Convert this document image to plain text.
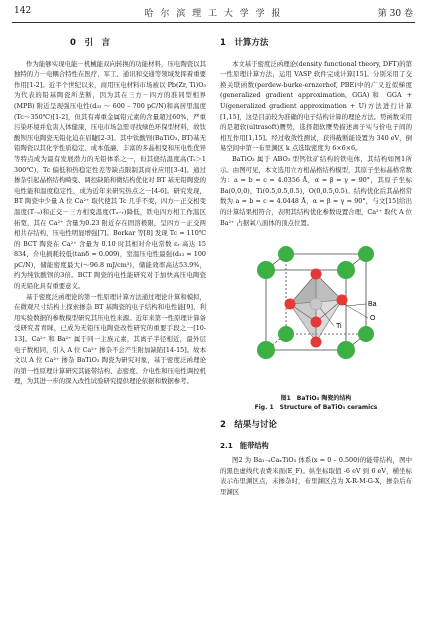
142	哈 尔 滨 理 工 大 学 学 报	第 30 卷
0　引　言

作为能够实现电能－机械能双向转换的功能材料，压电陶瓷以其独特的力－电耦合特性在医疗、军工、通讯和交通等领域发挥着重要作用[1-2]。近半个世纪以来，商用压电材料市场被以 Pb(Zr, Ti)O₃ 为代表的铅基陶瓷所垄断，因为其在三方－四方的准同型相界(MPB) 附近呈现强压电性(d₃₃ ～ 600 – 700 pC/N)和高居里温度(Tc～350℃)[1-2]，但其有毒重金属铅元素的含量超过60%，严重污染环境并危害人体健康，压电市场急需寻找绿色环保型材料，故钛酸钡压电陶瓷无铅化迫在眉睫[2-3]。其中钛酸钡(BaTiO₃, BT)基无铅陶瓷以其化学性质稳定、成本低廉、丰富的多晶相变和压电性优异等特点成为最有发展潜力的无铅体系之一，但其烧结温度高(Tₛ＞1 300℃)、Tc 偏低和热稳定性差等缺点限制其商业应用[3-4]。通过掺杂引起晶格结构畸变、调控缺陷和微结构优化对 BT 基无铅陶瓷的电性能和温度稳定性，成为近年来研究热点之一[4-6]。研究发现，BT 陶瓷中少量 A 位 Ca²⁺ 取代使其 Tc 几乎不变，四方－正交相变温度(T₋ₒ)和正交－三方相变温度(Tₒ₋ᵣ)降低，铁电四方相工作温区拓宽，其在 Ca²⁺ 含量为0.23 附近存在固溶极限，呈四方－正交两相共存结构，压电性明显增强[7]。Borkar 等[8] 发现 Tc = 110℃的 BCT 陶瓷在 Ca²⁺ 含量为 0.10 时其相对介电常数 εᵣ 高达 15 834，介电损耗较低(tanδ = 0.009)，室温压电性最强(d₃₃ = 100 pC/N)，储能密度最大(～96.8 mJ/cm³)，储能效率高达53.9%，约为纯钛酸钡的3倍。BCT 陶瓷的电性能研究对于加快高压电陶瓷的无铅化具有重要意义。

基于密度泛函理论的第一性原理计算方法通过理论计算和模拟，在微观尺寸结构上探索掺杂 BT 基陶瓷的电子结构和电性能[9]，利用实验数据的参数模型研究其压电性来源。近年来第一性原理计算备受研究者青睐，已成为无铅压电陶瓷改性研究的重要手段之一[10-13]。Ca²⁺ 和 Ba²⁺ 属于同一主族元素，其离子半径相近，最外层电子数相同，引入 A 位 Ca²⁺ 掺杂不会产生附加缺陷[14-15]。故本文以 A 位 Ca²⁺ 掺杂 BaTiO₃ 陶瓷为研究对象，基于密度泛函理论的第一性原理计算研究其能带结构、态密度、介电性和压电性调控机理，为其进一步的深入改性试验研究提供理论依据和数据参考。

1　计算方法

本文基于密度泛函理论(density functional theory, DFT)的第一性原理计算方法，运用 VASP 软件完成计算[15]。分别采用了交换关联函数(perdew-burke-ernzerhof, PBE)中的广义近似梯度(generalized gradient approximation, GGA)和 GGA + U(generalized gradient approximation + U)方法进行计算[1,15]，这是目前较为准确的电子结构计算的理论方法。势函数采用的是超软(ultrasoft)赝势，选择超软赝势描述离子实与价电子间的相互作用[1,15]。经过收敛性测试，获得截断能设置为 340 eV，倒易空间中第一布里渊区 k 点选取密度为 6×6×6。

BaTiO₃ 属于 ABO₃ 型钙钛矿结构的铁电体，其结构如图1所示。由图可见，本文选用立方相晶格结构模型，其原子坐标晶格常数为：a = b = c = 4.0356 Å，α = β = γ = 90°，其原子坐标 Ba(0,0,0)，Ti(0.5,0.5,0.5)，O(0,0.5,0.5)。结构优化后其晶格常数为 a = b = c = 4.0448 Å，α = β = γ = 90°，与文[15]给出的计算结果相符合，表明其结构优化参数设置合理，Ca²⁺ 取代 A 位 Ba²⁺ 占据氧八面体的顶点位置。

Ba
O
Ti
图1　BaTiO₃ 陶瓷的结构
Fig. 1　Structure of BaTiO₃ ceramics
2　结果与讨论
2.1　能带结构

图2 为 Ba₁₋ₓCaₓTiO₃ 体系(x = 0 – 0.500)的能带结构，图中的黑色虚线代表费米面(E_F)。纵坐标取值 -6 eV 到 6 eV，横坐标表示布里渊区点，未掺杂时，布里渊区点为 X-R-M-G-X，掺杂后布里渊区
